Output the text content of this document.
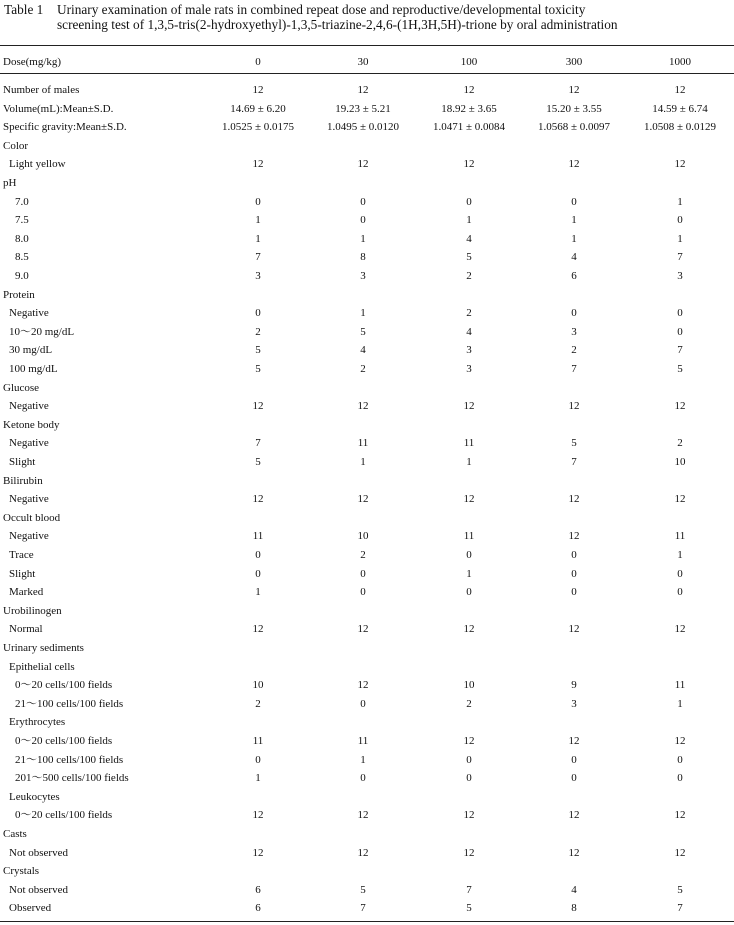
Table 1 Urinary examination of male rats in combined repeat dose and reproductive/developmental toxicity
screening test of 1,3,5-tris(2-hydroxyethyl)-1,3,5-triazine-2,4,6-(1H,3H,5H)-trione by oral administration
Dose(mg/kg)	0	30	100	300	1000
Number of males	12	12	12	12	12
Volume(mL):Mean±S.D.	14.69 ± 6.20	19.23 ± 5.21	18.92 ± 3.65	15.20 ± 3.55	14.59 ± 6.74
Specific gravity:Mean±S.D.	1.0525 ± 0.0175	1.0495 ± 0.0120	1.0471 ± 0.0084	1.0568 ± 0.0097	1.0508 ± 0.0129
Color
Light yellow	12	12	12	12	12
pH
7.0	0	0	0	0	1
7.5	1	0	1	1	0
8.0	1	1	4	1	1
8.5	7	8	5	4	7
9.0	3	3	2	6	3
Protein
Negative	0	1	2	0	0
10～20 mg/dL	2	5	4	3	0
30 mg/dL	5	4	3	2	7
100 mg/dL	5	2	3	7	5
Glucose
Negative	12	12	12	12	12
Ketone body
Negative	7	11	11	5	2
Slight	5	1	1	7	10
Bilirubin
Negative	12	12	12	12	12
Occult blood
Negative	11	10	11	12	11
Trace	0	2	0	0	1
Slight	0	0	1	0	0
Marked	1	0	0	0	0
Urobilinogen
Normal	12	12	12	12	12
Urinary sediments
Epithelial cells
0～20 cells/100 fields	10	12	10	9	11
21～100 cells/100 fields	2	0	2	3	1
Erythrocytes
0～20 cells/100 fields	11	11	12	12	12
21～100 cells/100 fields	0	1	0	0	0
201～500 cells/100 fields	1	0	0	0	0
Leukocytes
0～20 cells/100 fields	12	12	12	12	12
Casts
Not observed	12	12	12	12	12
Crystals
Not observed	6	5	7	4	5
Observed	6	7	5	8	7
